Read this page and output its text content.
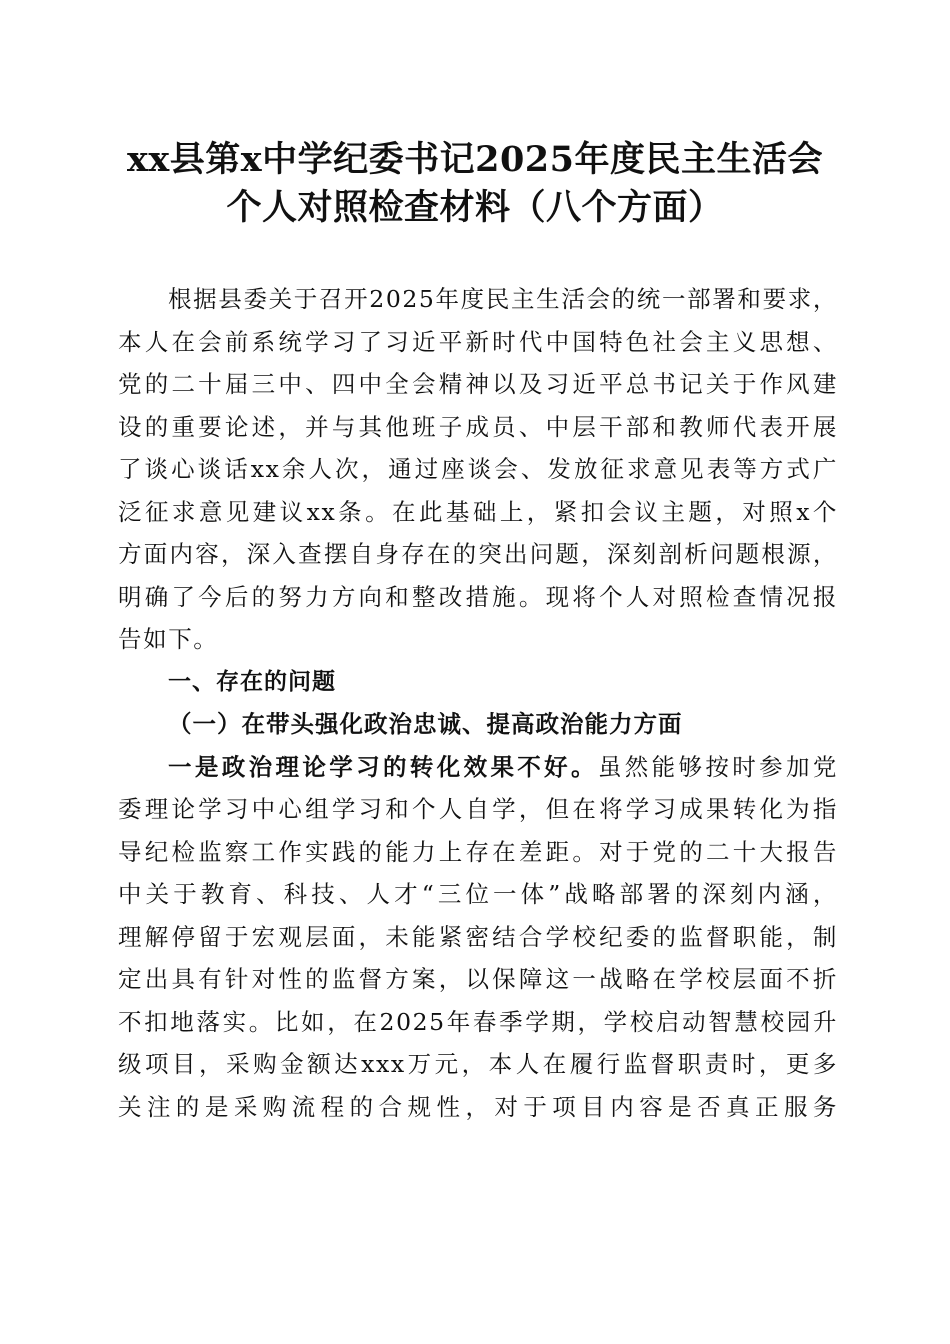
xx县第x中学纪委书记2025年度民主生活会
个人对照检查材料（八个方面）
根据县委关于召开2025年度民主生活会的统一部署和要求，
本人在会前系统学习了习近平新时代中国特色社会主义思想、
党的二十届三中、四中全会精神以及习近平总书记关于作风建
设的重要论述，并与其他班子成员、中层干部和教师代表开展
了谈心谈话xx余人次，通过座谈会、发放征求意见表等方式广
泛征求意见建议xx条。在此基础上，紧扣会议主题，对照x个
方面内容，深入查摆自身存在的突出问题，深刻剖析问题根源，
明确了今后的努力方向和整改措施。现将个人对照检查情况报
告如下。
一、存在的问题
（一）在带头强化政治忠诚、提高政治能力方面
一是政治理论学习的转化效果不好。虽然能够按时参加党
委理论学习中心组学习和个人自学，但在将学习成果转化为指
导纪检监察工作实践的能力上存在差距。对于党的二十大报告
中关于教育、科技、人才“三位一体”战略部署的深刻内涵，
理解停留于宏观层面，未能紧密结合学校纪委的监督职能，制
定出具有针对性的监督方案，以保障这一战略在学校层面不折
不扣地落实。比如，在2025年春季学期，学校启动智慧校园升
级项目，采购金额达xxx万元，本人在履行监督职责时，更多
关注的是采购流程的合规性，对于项目内容是否真正服务
